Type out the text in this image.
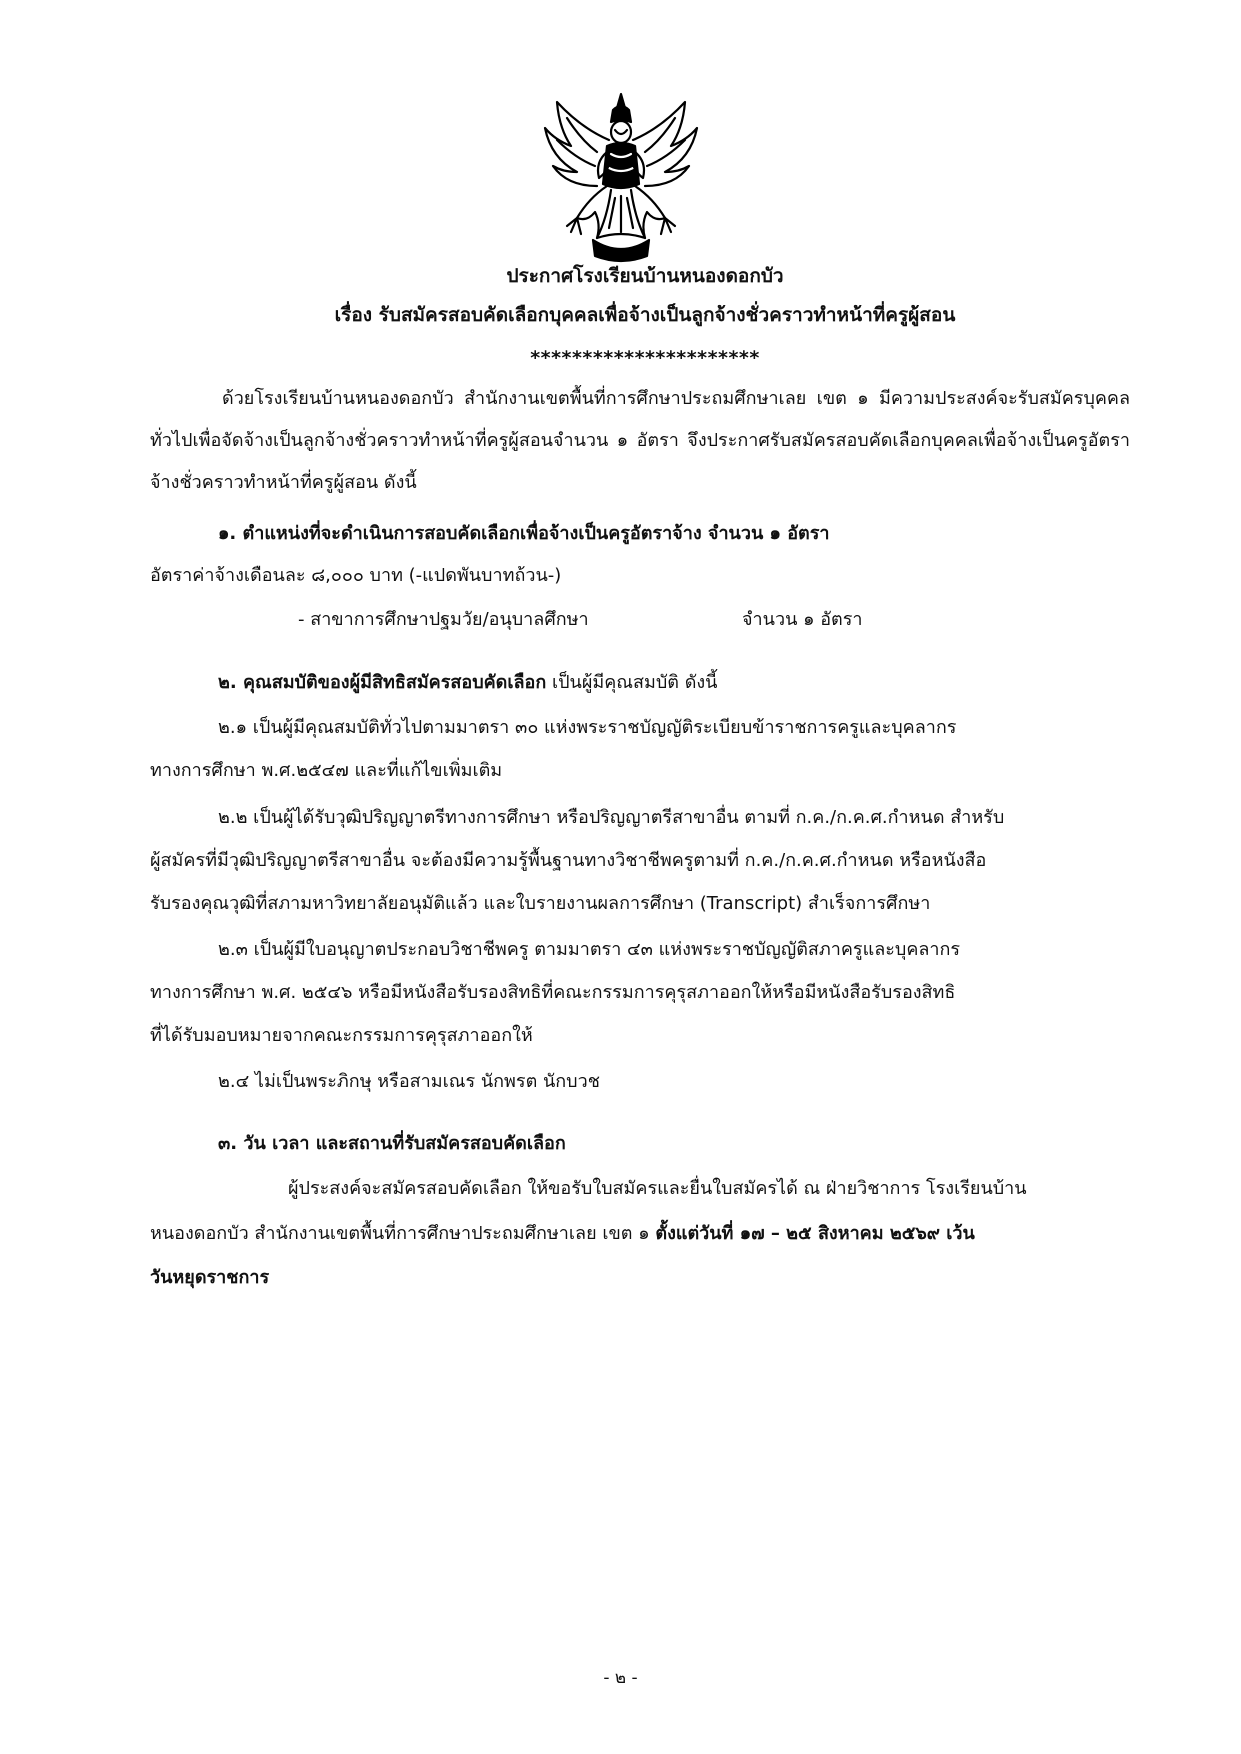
ประกาศโรงเรียนบ้านหนองดอกบัว
เรื่อง รับสมัครสอบคัดเลือกบุคคลเพื่อจ้างเป็นลูกจ้างชั่วคราวทำหน้าที่ครูผู้สอน
**********************
ด้วยโรงเรียนบ้านหนองดอกบัว สำนักงานเขตพื้นที่การศึกษาประถมศึกษาเลย เขต ๑ มีความประสงค์จะรับสมัครบุคคลทั่วไปเพื่อจัดจ้างเป็นลูกจ้างชั่วคราวทำหน้าที่ครูผู้สอนจำนวน ๑ อัตรา จึงประกาศรับสมัครสอบคัดเลือกบุคคลเพื่อจ้างเป็นครูอัตราจ้างชั่วคราวทำหน้าที่ครูผู้สอน ดังนี้
๑. ตำแหน่งที่จะดำเนินการสอบคัดเลือกเพื่อจ้างเป็นครูอัตราจ้าง จำนวน ๑ อัตรา
อัตราค่าจ้างเดือนละ ๘,๐๐๐ บาท (-แปดพันบาทถ้วน-)
- สาขาการศึกษาปฐมวัย/อนุบาลศึกษา	จำนวน ๑ อัตรา
๒. คุณสมบัติของผู้มีสิทธิสมัครสอบคัดเลือก เป็นผู้มีคุณสมบัติ ดังนี้
๒.๑ เป็นผู้มีคุณสมบัติทั่วไปตามมาตรา ๓๐ แห่งพระราชบัญญัติระเบียบข้าราชการครูและบุคลากร
ทางการศึกษา พ.ศ.๒๕๔๗ และที่แก้ไขเพิ่มเติม
๒.๒ เป็นผู้ได้รับวุฒิปริญญาตรีทางการศึกษา หรือปริญญาตรีสาขาอื่น ตามที่ ก.ค./ก.ค.ศ.กำหนด สำหรับ
ผู้สมัครที่มีวุฒิปริญญาตรีสาขาอื่น จะต้องมีความรู้พื้นฐานทางวิชาชีพครูตามที่ ก.ค./ก.ค.ศ.กำหนด หรือหนังสือ
รับรองคุณวุฒิที่สภามหาวิทยาลัยอนุมัติแล้ว และใบรายงานผลการศึกษา (Transcript) สำเร็จการศึกษา
๒.๓ เป็นผู้มีใบอนุญาตประกอบวิชาชีพครู ตามมาตรา ๔๓ แห่งพระราชบัญญัติสภาครูและบุคลากร
ทางการศึกษา พ.ศ. ๒๕๔๖ หรือมีหนังสือรับรองสิทธิที่คณะกรรมการคุรุสภาออกให้หรือมีหนังสือรับรองสิทธิ
ที่ได้รับมอบหมายจากคณะกรรมการคุรุสภาออกให้
๒.๔ ไม่เป็นพระภิกษุ หรือสามเณร นักพรต นักบวช
๓. วัน เวลา และสถานที่รับสมัครสอบคัดเลือก
ผู้ประสงค์จะสมัครสอบคัดเลือก ให้ขอรับใบสมัครและยื่นใบสมัครได้ ณ ฝ่ายวิชาการ โรงเรียนบ้าน
หนองดอกบัว สำนักงานเขตพื้นที่การศึกษาประถมศึกษาเลย เขต ๑ ตั้งแต่วันที่ ๑๗ – ๒๕ สิงหาคม ๒๕๖๙ เว้น
วันหยุดราชการ
- ๒ -
